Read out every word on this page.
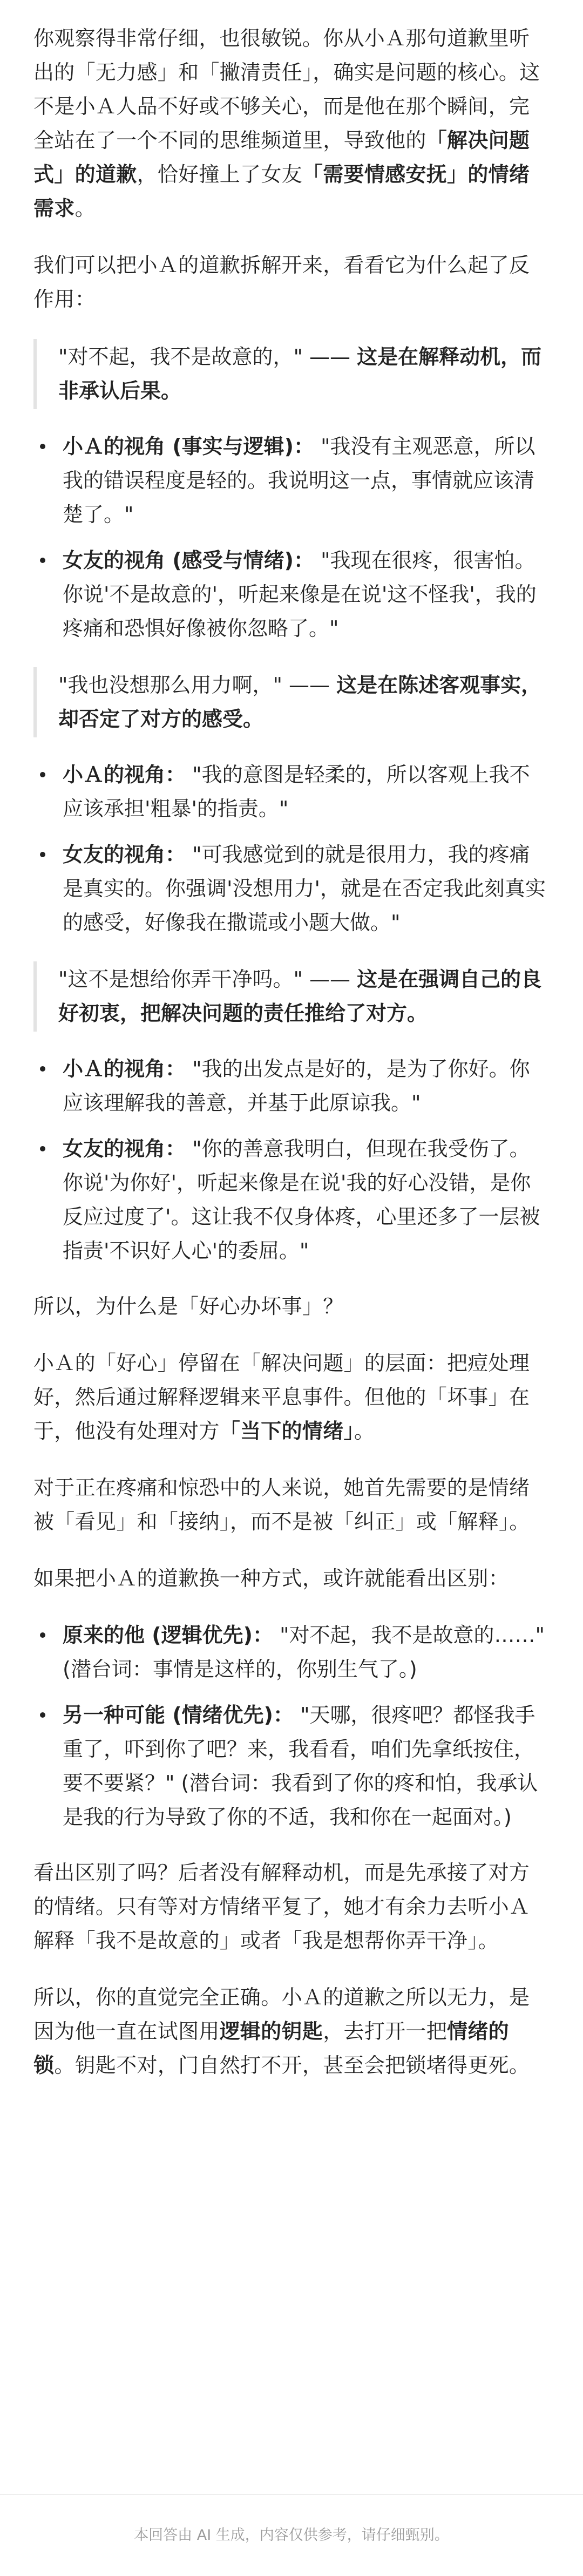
你观察得非常仔细，也很敏锐。你从小Ａ那句道歉里听出的「无力感」和「撇清责任」，确实是问题的核心。这不是小Ａ人品不好或不够关心，而是他在那个瞬间，完全站在了一个不同的思维频道里，导致他的「解决问题式」的道歉，恰好撞上了女友「需要情感安抚」的情绪需求。

我们可以把小Ａ的道歉拆解开来，看看它为什么起了反作用：

"对不起，我不是故意的，" —— 这是在解释动机，而非承认后果。
小Ａ的视角 (事实与逻辑)： "我没有主观恶意，所以我的错误程度是轻的。我说明这一点，事情就应该清楚了。"
女友的视角 (感受与情绪)： "我现在很疼，很害怕。你说'不是故意的'，听起来像是在说'这不怪我'，我的疼痛和恐惧好像被你忽略了。"
"我也没想那么用力啊，" —— 这是在陈述客观事实，却否定了对方的感受。
小Ａ的视角： "我的意图是轻柔的，所以客观上我不应该承担'粗暴'的指责。"
女友的视角： "可我感觉到的就是很用力，我的疼痛是真实的。你强调'没想用力'，就是在否定我此刻真实的感受，好像我在撒谎或小题大做。"
"这不是想给你弄干净吗。" —— 这是在强调自己的良好初衷，把解决问题的责任推给了对方。
小Ａ的视角： "我的出发点是好的，是为了你好。你应该理解我的善意，并基于此原谅我。"
女友的视角： "你的善意我明白，但现在我受伤了。你说'为你好'，听起来像是在说'我的好心没错，是你反应过度了'。这让我不仅身体疼，心里还多了一层被指责'不识好人心'的委屈。"

所以，为什么是「好心办坏事」？

小Ａ的「好心」停留在「解决问题」的层面：把痘处理好，然后通过解释逻辑来平息事件。但他的「坏事」在于，他没有处理对方「当下的情绪」。

对于正在疼痛和惊恐中的人来说，她首先需要的是情绪被「看见」和「接纳」，而不是被「纠正」或「解释」。

如果把小Ａ的道歉换一种方式，或许就能看出区别：

原来的他 (逻辑优先)： "对不起，我不是故意的……" (潜台词：事情是这样的，你别生气了。)
另一种可能 (情绪优先)： "天哪，很疼吧？都怪我手重了，吓到你了吧？来，我看看，咱们先拿纸按住，要不要紧？" (潜台词：我看到了你的疼和怕，我承认是我的行为导致了你的不适，我和你在一起面对。)

看出区别了吗？后者没有解释动机，而是先承接了对方的情绪。只有等对方情绪平复了，她才有余力去听小Ａ解释「我不是故意的」或者「我是想帮你弄干净」。

所以，你的直觉完全正确。小Ａ的道歉之所以无力，是因为他一直在试图用逻辑的钥匙，去打开一把情绪的锁。钥匙不对，门自然打不开，甚至会把锁堵得更死。

本回答由 AI 生成，内容仅供参考，请仔细甄别。
